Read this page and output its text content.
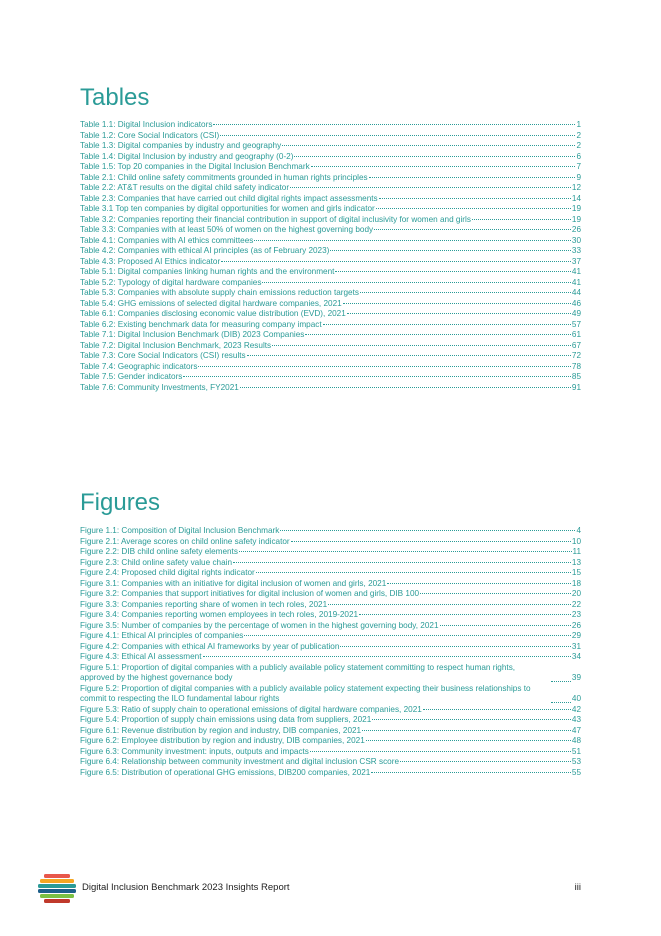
Tables
Table 1.1: Digital Inclusion indicators	1
Table 1.2: Core Social Indicators (CSI)	2
Table 1.3: Digital companies by industry and geography	2
Table 1.4: Digital Inclusion by industry and geography (0-2)	6
Table 1.5: Top 20 companies in the Digital Inclusion Benchmark	7
Table 2.1: Child online safety commitments grounded in human rights principles	9
Table 2.2: AT&T results on the digital child safety indicator	12
Table 2.3: Companies that have carried out child digital rights impact assessments	14
Table 3.1 Top ten companies by digital opportunities for women and girls indicator	19
Table 3.2: Companies reporting their financial contribution in support of digital inclusivity for women and girls	19
Table 3.3: Companies with at least 50% of women on the highest governing body	26
Table 4.1: Companies with AI ethics committees	30
Table 4.2: Companies with ethical AI principles (as of February 2023)	33
Table 4.3: Proposed AI Ethics indicator	37
Table 5.1: Digital companies linking human rights and the environment	41
Table 5.2: Typology of digital hardware companies	41
Table 5.3: Companies with absolute supply chain emissions reduction targets	44
Table 5.4: GHG emissions of selected digital hardware companies, 2021	46
Table 6.1: Companies disclosing economic value distribution (EVD), 2021	49
Table 6.2: Existing benchmark data for measuring company impact	57
Table 7.1: Digital Inclusion Benchmark (DIB) 2023 Companies	61
Table 7.2: Digital Inclusion Benchmark, 2023 Results	67
Table 7.3: Core Social Indicators (CSI) results	72
Table 7.4: Geographic indicators	78
Table 7.5: Gender indicators	85
Table 7.6: Community Investments, FY2021	91
Figures
Figure 1.1: Composition of Digital Inclusion Benchmark	4
Figure 2.1: Average scores on child online safety indicator	10
Figure 2.2: DIB child online safety elements	11
Figure 2.3: Child online safety value chain	13
Figure 2.4: Proposed child digital rights indicator	15
Figure 3.1: Companies with an initiative for digital inclusion of women and girls, 2021	18
Figure 3.2: Companies that support initiatives for digital inclusion of women and girls, DIB 100	20
Figure 3.3: Companies reporting share of women in tech roles, 2021	22
Figure 3.4: Companies reporting women employees in tech roles, 2019-2021	23
Figure 3.5: Number of companies by the percentage of women in the highest governing body, 2021	26
Figure 4.1: Ethical AI principles of companies	29
Figure 4.2: Companies with ethical AI frameworks by year of publication	31
Figure 4.3: Ethical AI assessment	34
Figure 5.1: Proportion of digital companies with a publicly available policy statement committing to respect human rights, approved by the highest governance body	39
Figure 5.2: Proportion of digital companies with a publicly available policy statement expecting their business relationships to commit to respecting the ILO fundamental labour rights	40
Figure 5.3: Ratio of supply chain to operational emissions of digital hardware companies, 2021	42
Figure 5.4: Proportion of supply chain emissions using data from suppliers, 2021	43
Figure 6.1: Revenue distribution by region and industry, DIB companies, 2021	47
Figure 6.2: Employee distribution by region and industry, DIB companies, 2021	48
Figure 6.3: Community investment: inputs, outputs and impacts	51
Figure 6.4: Relationship between community investment and digital inclusion CSR score	53
Figure 6.5: Distribution of operational GHG emissions, DIB200 companies, 2021	55
Digital Inclusion Benchmark 2023 Insights Report	iii
